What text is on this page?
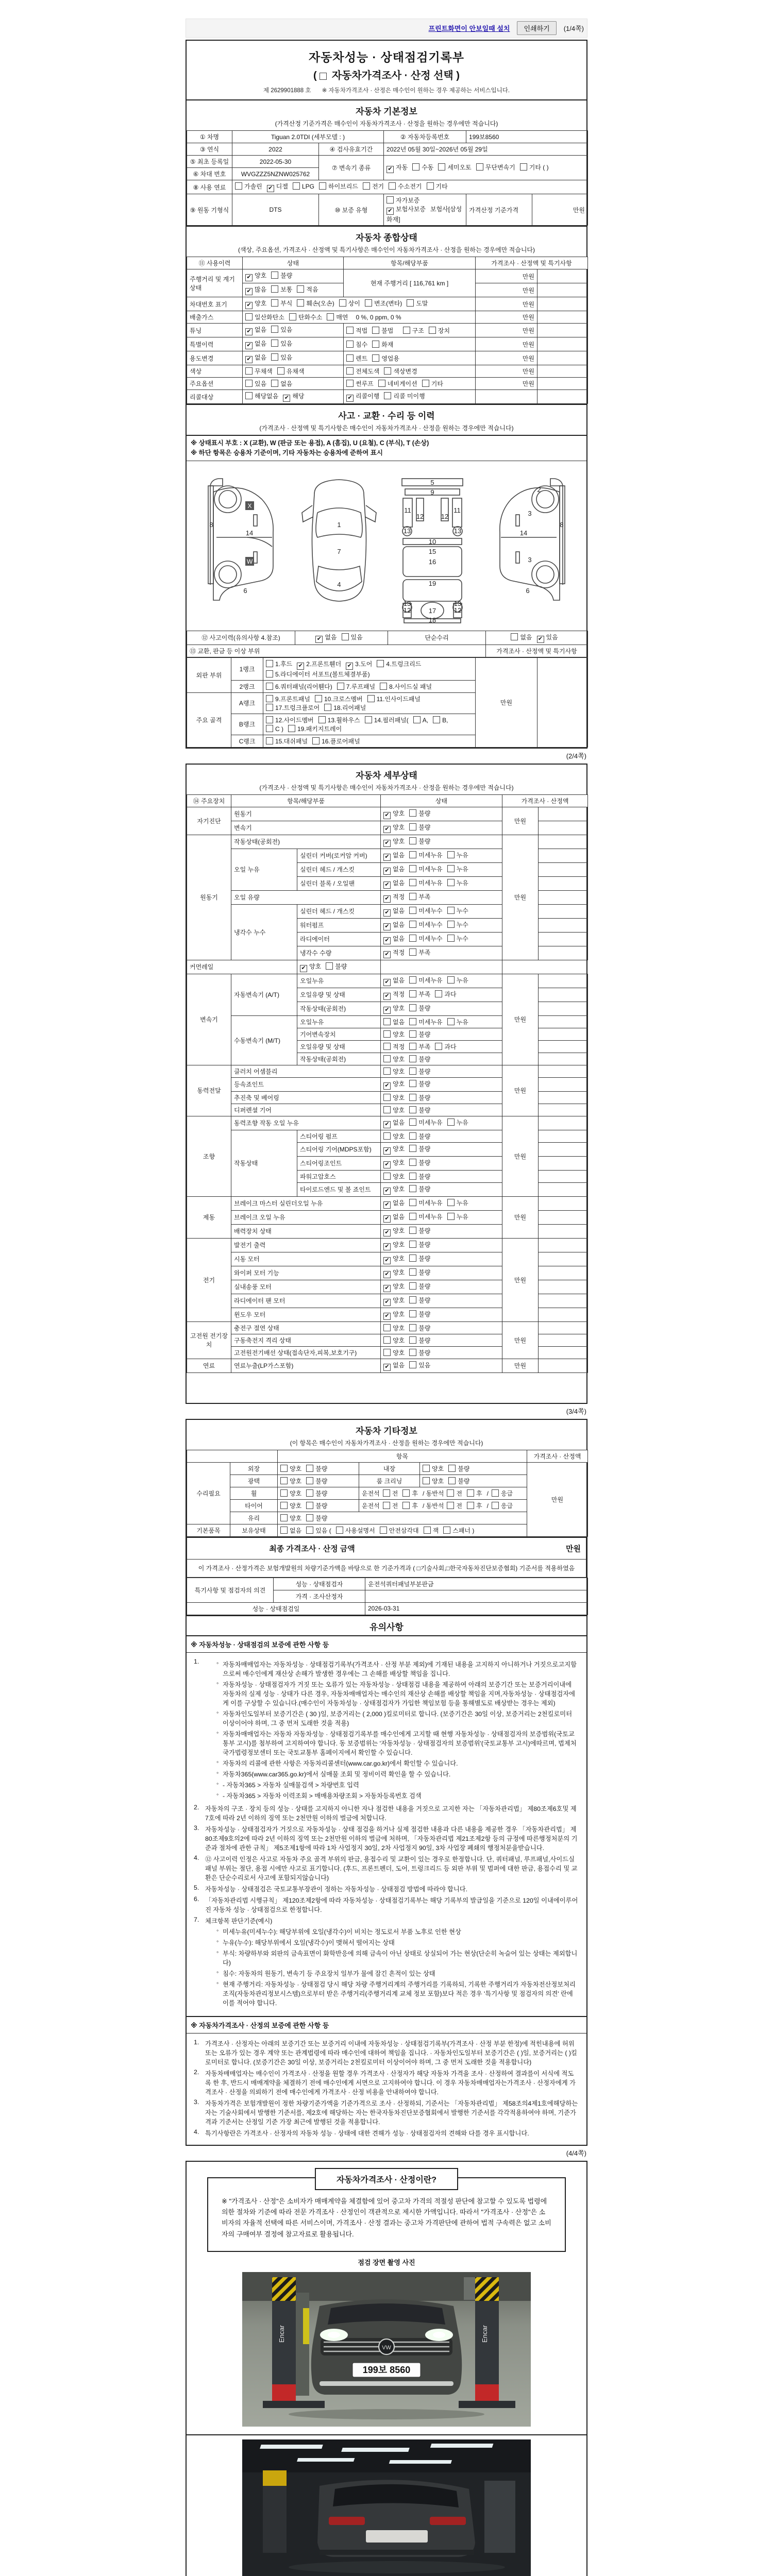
프린트화면이 안보일때 설치	인쇄하기	(1/4쪽)
자동차성능 · 상태점검기록부
( 자동차가격조사 · 산정 선택 )
제 2629901888 호 ※ 자동차가격조사 · 산정은 매수인이 원하는 경우 제공하는 서비스입니다.
자동차 기본정보
(가격산정 기준가격은 매수인이 자동차가격조사 · 산정을 원하는 경우에만 적습니다)
① 차명	Tiguan 2.0TDI (세부모델 : )		② 자동차등록번호	199보8560	
③ 연식	2022	④ 검사유효기간	2022년 05월 30일~2026년 05월 29일		
⑤ 최초 등록일	2022-05-30	⑦ 변속기 종류	✔자동 수동 세미오토 무단변속기 기타 ( )
⑥ 차대 번호	WVGZZZ5NZNW025762				
⑧ 사용 연료	가솔린 ✔ 디젤 LPG 하이브리드 전기 수소전기 기타
⑨ 원동 기형식	DTS	⑩ 보증 유형	자가보증✔보험사보증 보험사[삼성화재]	가격산정 기준가격	만원
자동차 종합상태
(색상, 주요옵션, 가격조사 · 산정액 및 특기사항은 매수인이 자동차가격조사 · 산정을 원하는 경우에만 적습니다)
⑪ 사용이력	상태	항목/해당부품	가격조사 · 산정액 및 특기사항	
주행거리 및 계기상태	✔양호 불량	현재 주행거리 [ 116,761 km ]	만원	
✔많음 보통 적음		만원	
차대번호 표기	✔양호 부식 훼손(오손) 상이 변조(변타) 도말		만원	
배출가스	일산화탄소 탄화수소 매연 0 %, 0 ppm, 0 %		만원	
튜닝	✔없음 있음	적법 불법 구조 장치	만원	
특별이력	✔없음 있음	침수 화재	만원	
용도변경	✔없음 있음	렌트 영업용	만원	
색상	무채색 유채색	전체도색 색상변경	만원	
주요옵션	있음 없음	썬루프 네비게이션 기타	만원	
리콜대상	해당없음 ✔ 해당	✔리콜이행 리콜 미이행		
사고 · 교환 · 수리 등 이력
(가격조사 · 산정액 및 특기사항은 매수인이 자동차가격조사 · 산정을 원하는 경우에만 적습니다)
※ 상태표시 부호 : X (교환), W (판금 또는 용접), A (흠집), U (요철), C (부식), T (손상)
※ 하단 항목은 승용차 기준이며, 기타 자동차는 승용차에 준하여 표시
8
14
6
1
7
4
5
9
11	11
12	12
13	13
10
15
16
19
17
12	12
13	13
18
3
8
14
3
6
2
X
W
⑫ 사고이력(유의사항 4.참조)	✔없음 있음	단순수리	없음 ✔ 있음
⑬ 교환, 판금 등 이상 부위			가격조사 · 산정액 및 특기사항
외판 부위	1랭크	1.후드 ✔ 2.프론트휀더 ✔ 3.도어 4.트렁크리드5.라디에이터 서포트(볼트체결부품)	만원	
	2랭크	6.쿼터패널(리어휀다) 7.루프패널 8.사이드실 패널		
주요 골격	A랭크	9.프론트패널 10.크로스멤버 11.인사이드패널17.트렁크플로어 18.리어패널		
	B랭크	12.사이드멤버 13.휠하우스 14.필러패널( A, B,C ) 19.패키지트레이		
	C랭크	15.대쉬패널 16.플로어패널		
(2/4쪽)
자동차 세부상태
(가격조사 · 산정액 및 특기사항은 매수인이 자동차가격조사 · 산정을 원하는 경우에만 적습니다)
⑭ 주요장치	항목/해당부품		상태	가격조사 · 산정액	
자기진단	원동기	✔양호 불량	만원	
	변속기	✔양호 불량	
원동기	작동상태(공회전)	✔양호 불량	만원	
	오일 누유	실린더 커버(로커암 커버)	✔없음 미세누유 누유	
		실린더 헤드 / 개스킷	✔없음 미세누유 누유	
		실린더 블록 / 오일팬	✔없음 미세누유 누유	
	오일 유량	✔적정 부족	
	냉각수 누수	실린더 헤드 / 개스킷	✔없음 미세누수 누수	
		워터펌프	✔없음 미세누수 누수	
		라디에이터	✔없음 미세누수 누수	
		냉각수 수량	✔적정 부족	
커먼레일	✔양호 불량	
변속기	자동변속기 (A/T)	오일누유	✔없음 미세누유 누유	만원	
		오일유량 및 상태	✔적정 부족 과다	
		작동상태(공회전)	✔양호 불량	
	수동변속기 (M/T)	오일누유	없음 미세누유 누유		
		기어변속장치	양호 불량		
		오일유량 및 상태	적정 부족 과다		
		작동상태(공회전)	양호 불량		
동력전달	클러치 어셈블리		양호 불량	만원	
	등속죠인트	✔양호 불량	
	추진축 및 베어링		양호 불량		
	디퍼렌셜 기어		양호 불량		
조향	동력조향 작동 오일 누유	✔없음 미세누유 누유	만원	
	작동상태	스티어링 펌프	양호 불량		
		스티어링 기어(MDPS포함)	✔양호 불량	
		스티어링조인트	✔양호 불량	
		파워고압호스	양호 불량		
		타이로드엔드 및 볼 죠인트	✔양호 불량	
제동	브레이크 마스터 실린더오일 누유	✔없음 미세누유 누유	만원	
	브레이크 오일 누유	✔없음 미세누유 누유	
	배력장치 상태	✔양호 불량	
전기	발전기 출력	✔양호 불량	만원	
	시동 모터	✔양호 불량	
	와이퍼 모터 기능	✔양호 불량	
	실내송풍 모터	✔양호 불량	
	라디에이터 팬 모터	✔양호 불량	
	윈도우 모터	✔양호 불량	
고전원 전기장치	충전구 절연 상태		양호 불량	만원	
	구동축전지 격리 상태		양호 불량		
	고전원전기배선 상태(접속단자,피복,보호기구)		양호 불량		
연료	연료누출(LP가스포함)	✔없음 있음	만원	
(3/4쪽)
자동차 기타정보
(이 항목은 매수인이 자동차가격조사 · 산정을 원하는 경우에만 적습니다)
		항목			가격조사 · 산정액
수리필요	외장	양호 불량	내장	양호 불량	만원
	광택	양호 불량	룸 크리닝	양호 불량	
	휠	양호 불량	운전석 전 후 / 동반석 전 후 / 응급		
	타이어	양호 불량	운전석 전 후 / 동반석 전 후 / 응급		
	유리	양호 불량			
기본품목	보유상태	없음 있음 ( 사용설명서 안전삼각대 잭 스패너 )			
최종 가격조사 · 산정 금액	만원
이 가격조사 · 산정가격은 보험개발원의 차량기준가액을 바탕으로 한 기준가격과 ( □기술사회,□한국자동차진단보증협회) 기준서를 적용하였음
특기사항 및 점검자의 의견	성능 · 상태점검자	운전석쿼터패널부분판금
	가격 · 조사산정자	
성능 · 상태점검일		2026-03-31
유의사항
※ 자동차성능 · 상태점검의 보증에 관한 사항 등
1.	◦ 자동차매매업자는 자동차성능 · 상태점검기록부(가격조사 · 산정 부분 제외)에 기재된 내용을 고지하지 아니하거나 거짓으로고지함으로써 매수인에게 재산상 손해가 발생한 경우에는 그 손해를 배상할 책임을 집니다.
◦ 자동차성능 · 상태점검자가 거짓 또는 오류가 있는 자동차성능 · 상태점검 내용을 제공하여 아래의 보증기간 또는 보증거리이내에 자동차의 실제 성능 · 상태가 다른 경우, 자동차매매업자는 매수인의 재산상 손해를 배상할 책임을 지며,자동차성능 · 상태점검자에게 이를 구상할 수 있습니다.(매수인이 자동차성능 · 상태점검자가 가입한 책임보험 등을 통해별도로 배상받는 경우는 제외)
◦ 자동차인도일부터 보증기간은 ( 30 )일, 보증거리는 ( 2,000 )킬로미터로 합니다. (보증기간은 30일 이상, 보증거리는 2천킬로미터 이상이어야 하며, 그 중 먼저 도래한 것을 적용)
◦ 자동차매매업자는 자동차 자동차성능 · 상태점검기록부를 매수인에게 고지할 때 현행 자동차성능 · 상태점검자의 보증범위(국토교통부 고시)를 첨부하여 고지하여야 합니다. 동 보증범위는 '자동차성능 · 상태점검자의 보증범위'(국토교통부 고시)에따르며, 법제처 국가법령정보센터 또는 국토교통부 홈페이지에서 확인할 수 있습니다.
◦ 자동차의 리콜에 관한 사항은 자동차리콜센터(www.car.go.kr)에서 확인할 수 있습니다.
◦ 자동차365(www.car365.go.kr)에서 실매물 조회 및 정비이력 확인을 할 수 있습니다.
◦ - 자동차365 > 자동차 실매물검색 > 차량번호 입력
◦ - 자동차365 > 자동차 이력조회 > 매매용차량조회 > 자동차등록번호 검색
2. 자동차의 구조 · 장치 등의 성능 · 상태를 고지하지 아니한 자나 점검한 내용을 거짓으로 고지한 자는 「자동차관리법」 제80조제6호및 제7호에 따라 2년 이하의 징역 또는 2천만원 이하의 벌금에 처합니다.
3. 자동차성능 · 상태점검자가 거짓으로 자동차성능 · 상태 점검을 하거나 실제 점검한 내용과 다른 내용을 제공한 경우 「자동차관리법」 제80조제9호의2에 따라 2년 이하의 징역 또는 2천만원 이하의 벌금에 처하며, 「자동차관리법 제21조제2항 등의 규정에 따른행정처분의 기준과 절차에 관한 규칙」 제5조제1항에 따라 1차 사업정지 30일, 2차 사업정지 90일, 3차 사업장 폐쇄의 행정처분을받습니다.
4. ⑫ 사고이력 인정은 사고로 자동차 주요 골격 부위의 판금, 용접수리 및 교환이 있는 경우로 한정합니다. 단, 쿼터패널, 루프패널,사이드실패널 부위는 절단, 용접 시에만 사고로 표기합니다. (후드, 프론트펜더, 도어, 트렁크리드 등 외판 부위 및 범퍼에 대한 판금, 용접수리 및 교환은 단순수리로서 사고에 포함되지않습니다)
5. 자동차성능 · 상태점검은 국토교통부장관이 정하는 자동차성능 · 상태점검 방법에 따라야 합니다.
6. 「자동차관리법 시행규칙」 제120조제2항에 따라 자동차성능 · 상태점검기록부는 해당 기록부의 발급일을 기준으로 120일 이내에이루어진 자동차 성능 · 상태점검으로 한정합니다.
7. 체크항목 판단기준(예시)
◦ 미세누유(미세누수): 해당부위에 오일(냉각수)이 비치는 정도로서 부품 노후로 인한 현상
◦ 누유(누수): 해당부위에서 오일(냉각수)이 맺혀서 떨어지는 상태
◦ 부식: 차량하부와 외판의 금속표면이 화학반응에 의해 금속이 아닌 상태로 상실되어 가는 현상(단순히 녹슬어 있는 상태는 제외합니다)
◦ 침수: 자동차의 원동기, 변속기 등 주요장치 일부가 물에 잠긴 흔적이 있는 상태
◦ 현재 주행거리: 자동차성능 · 상태점검 당시 해당 차량 주행거리계의 주행거리를 기록하되, 기록한 주행거리가 자동차전산정보처리조직(자동차관리정보시스템)으로부터 받은 주행거리(주행거리계 교체 정보 포함)보다 적은 경우 '특기사항 및 점검자의 의견' 란에 이를 적어야 합니다.
※ 자동차가격조사 · 산정의 보증에 관한 사항 등
1. 가격조사 · 산정자는 아래의 보증기간 또는 보증거리 이내에 자동차성능 · 상태점검기록부(가격조사 · 산정 부분 한정)에 적힌내용에 허위 또는 오류가 있는 경우 계약 또는 관계법령에 따라 매수인에 대하여 책임을 집니다. · 자동차인도일부터 보증기간은 ( )일, 보증거리는 ( )킬로미터로 합니다. (보증기간은 30일 이상, 보증거리는 2천킬로미터 이상이어야 하며, 그 중 먼저 도래한 것을 적용합니다)
2. 자동차매매업자는 매수인이 가격조사 · 산정을 원할 경우 가격조사 · 산정자가 해당 자동차 가격을 조사 · 산정하여 결과를이 서식에 적도록 한 후, 반드시 매매계약을 체결하기 전에 매수인에게 서면으로 고지하여야 합니다. 이 경우 자동차매매업자는가격조사 · 산정자에게 가격조사 · 산정을 의뢰하기 전에 매수인에게 가격조사 · 산정 비용을 안내하여야 합니다.
3. 자동차가격은 보험개발원이 정한 차량기준가액을 기준가격으로 조사 · 산정하되, 기준서는 「자동차관리법」 제58조의4제1호에해당하는 자는 기술사회에서 발행한 기준서를, 제2호에 해당하는 자는 한국자동차진단보증협회에서 발행한 기준서를 각각적용하여야 하며, 기준가격과 기준서는 산정일 기준 가장 최근에 발행된 것을 적용합니다.
4. 특기사항란은 가격조사 · 산정자의 자동차 성능 · 상태에 대한 견해가 성능 · 상태점검자의 견해와 다를 경우 표시합니다.
(4/4쪽)
자동차가격조사 · 산정이란?
※ "가격조사 · 산정"은 소비자가 매매계약을 체결함에 있어 중고차 가격의 적절성 판단에 참고할 수 있도록 법령에 의한 절차와 기준에 따라 전문 가격조사 · 산정인이 객관적으로 제시한 가액입니다. 따라서 "가격조사 · 산정"은 소비자의 자율적 선택에 따른 서비스이며, 가격조사 · 산정 결과는 중고차 가격판단에 관하여 법적 구속력은 없고 소비자의 구매여부 결정에 참고자료로 활용됩니다.
점검 장면 촬영 사진
Encar	Encar
VW
199보 8560
